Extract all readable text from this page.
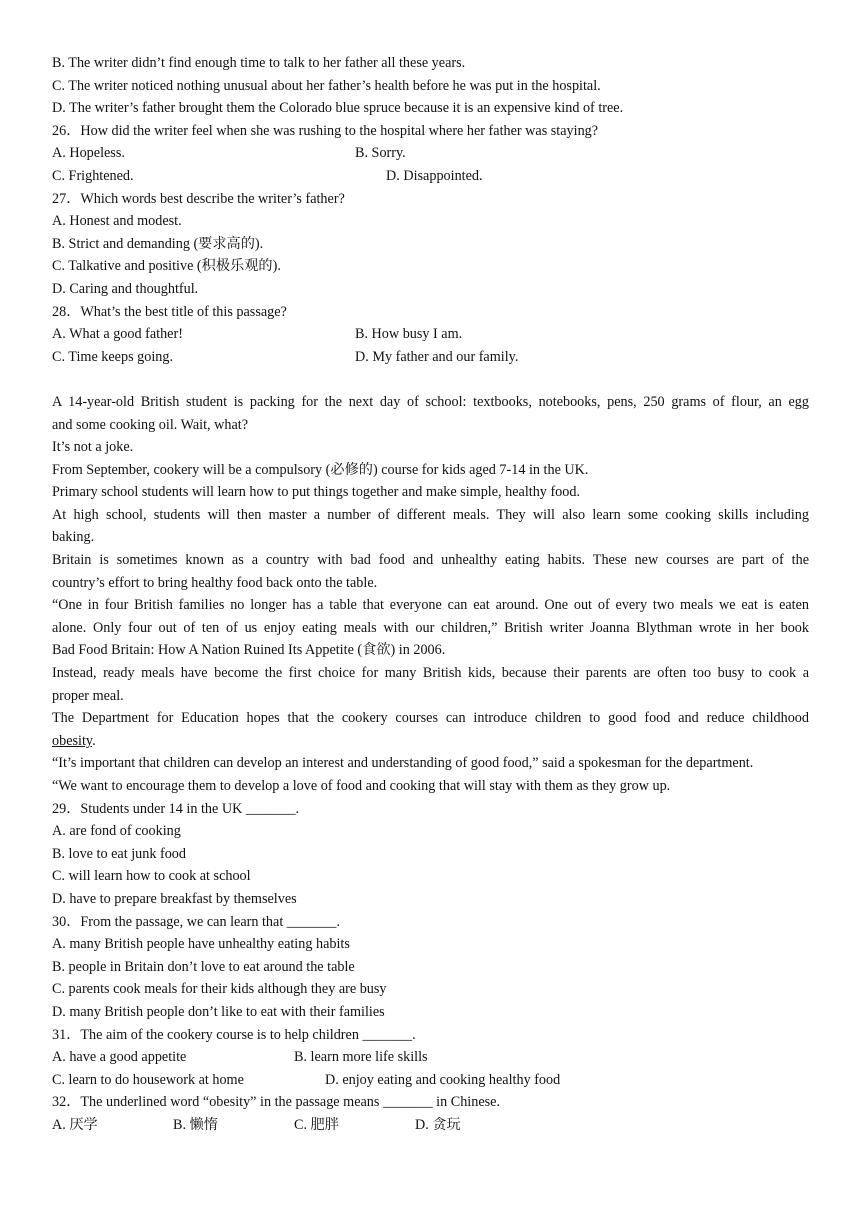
B. The writer didn’t find enough time to talk to her father all these years.
C. The writer noticed nothing unusual about her father’s health before he was put in the hospital.
D. The writer’s father brought them the Colorado blue spruce because it is an expensive kind of tree.
26．How did the writer feel when she was rushing to the hospital where her father was staying?
A. Hopeless.	B. Sorry.
C. Frightened.	D. Disappointed.
27．Which words best describe the writer’s father?
A. Honest and modest.
B. Strict and demanding (要求高的).
C. Talkative and positive (积极乐观的).
D. Caring and thoughtful.
28．What’s the best title of this passage?
A. What a good father!	B. How busy I am.
C. Time keeps going.	D. My father and our family.
A 14-year-old British student is packing for the next day of school: textbooks, notebooks, pens, 250 grams of flour, an egg
and some cooking oil. Wait, what?
It’s not a joke.
From September, cookery will be a compulsory (必修的) course for kids aged 7-14 in the UK.
Primary school students will learn how to put things together and make simple, healthy food.
At high school, students will then master a number of different meals. They will also learn some cooking skills including
baking.
Britain is sometimes known as a country with bad food and unhealthy eating habits. These new courses are part of the
country’s effort to bring healthy food back onto the table.
“One in four British families no longer has a table that everyone can eat around. One out of every two meals we eat is eaten
alone. Only four out of ten of us enjoy eating meals with our children,” British writer Joanna Blythman wrote in her book
Bad Food Britain: How A Nation Ruined Its Appetite (食欲) in 2006.
Instead, ready meals have become the first choice for many British kids, because their parents are often too busy to cook a
proper meal.
The Department for Education hopes that the cookery courses can introduce children to good food and reduce childhood
obesity.
“It’s important that children can develop an interest and understanding of good food,” said a spokesman for the department.
“We want to encourage them to develop a love of food and cooking that will stay with them as they grow up.
29．Students under 14 in the UK _______.
A. are fond of cooking
B. love to eat junk food
C. will learn how to cook at school
D. have to prepare breakfast by themselves
30．From the passage, we can learn that _______.
A. many British people have unhealthy eating habits
B. people in Britain don’t love to eat around the table
C. parents cook meals for their kids although they are busy
D. many British people don’t like to eat with their families
31．The aim of the cookery course is to help children _______.
A. have a good appetite	B. learn more life skills
C. learn to do housework at home	D. enjoy eating and cooking healthy food
32．The underlined word “obesity” in the passage means _______ in Chinese.
A. 厌学	B. 懒惰	C. 肥胖	D. 贪玩
